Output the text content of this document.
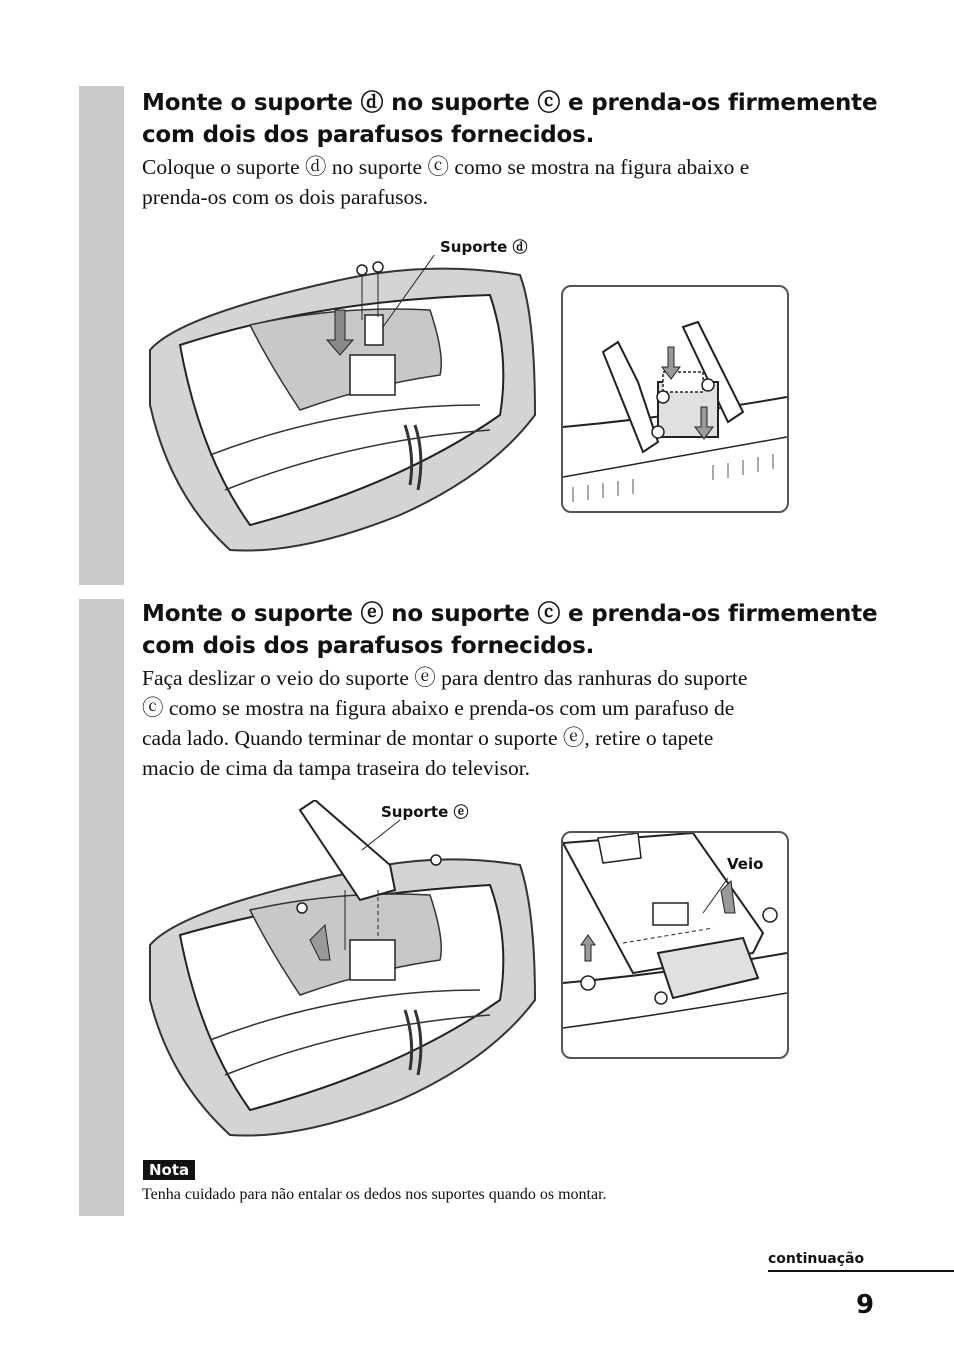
Monte o suporte ⓓ no suporte ⓒ e prenda-os firmemente
com dois dos parafusos fornecidos.

Coloque o suporte ⓓ no suporte ⓒ como se mostra na figura abaixo e
prenda-os com os dois parafusos.

Suporte ⓓ
Monte o suporte ⓔ no suporte ⓒ e prenda-os firmemente
com dois dos parafusos fornecidos.

Faça deslizar o veio do suporte ⓔ para dentro das ranhuras do suporte
ⓒ como se mostra na figura abaixo e prenda-os com um parafuso de
cada lado. Quando terminar de montar o suporte ⓔ, retire o tapete
macio de cima da tampa traseira do televisor.

Suporte ⓔ
Veio
Nota

Tenha cuidado para não entalar os dedos nos suportes quando os montar.

continuação
9
